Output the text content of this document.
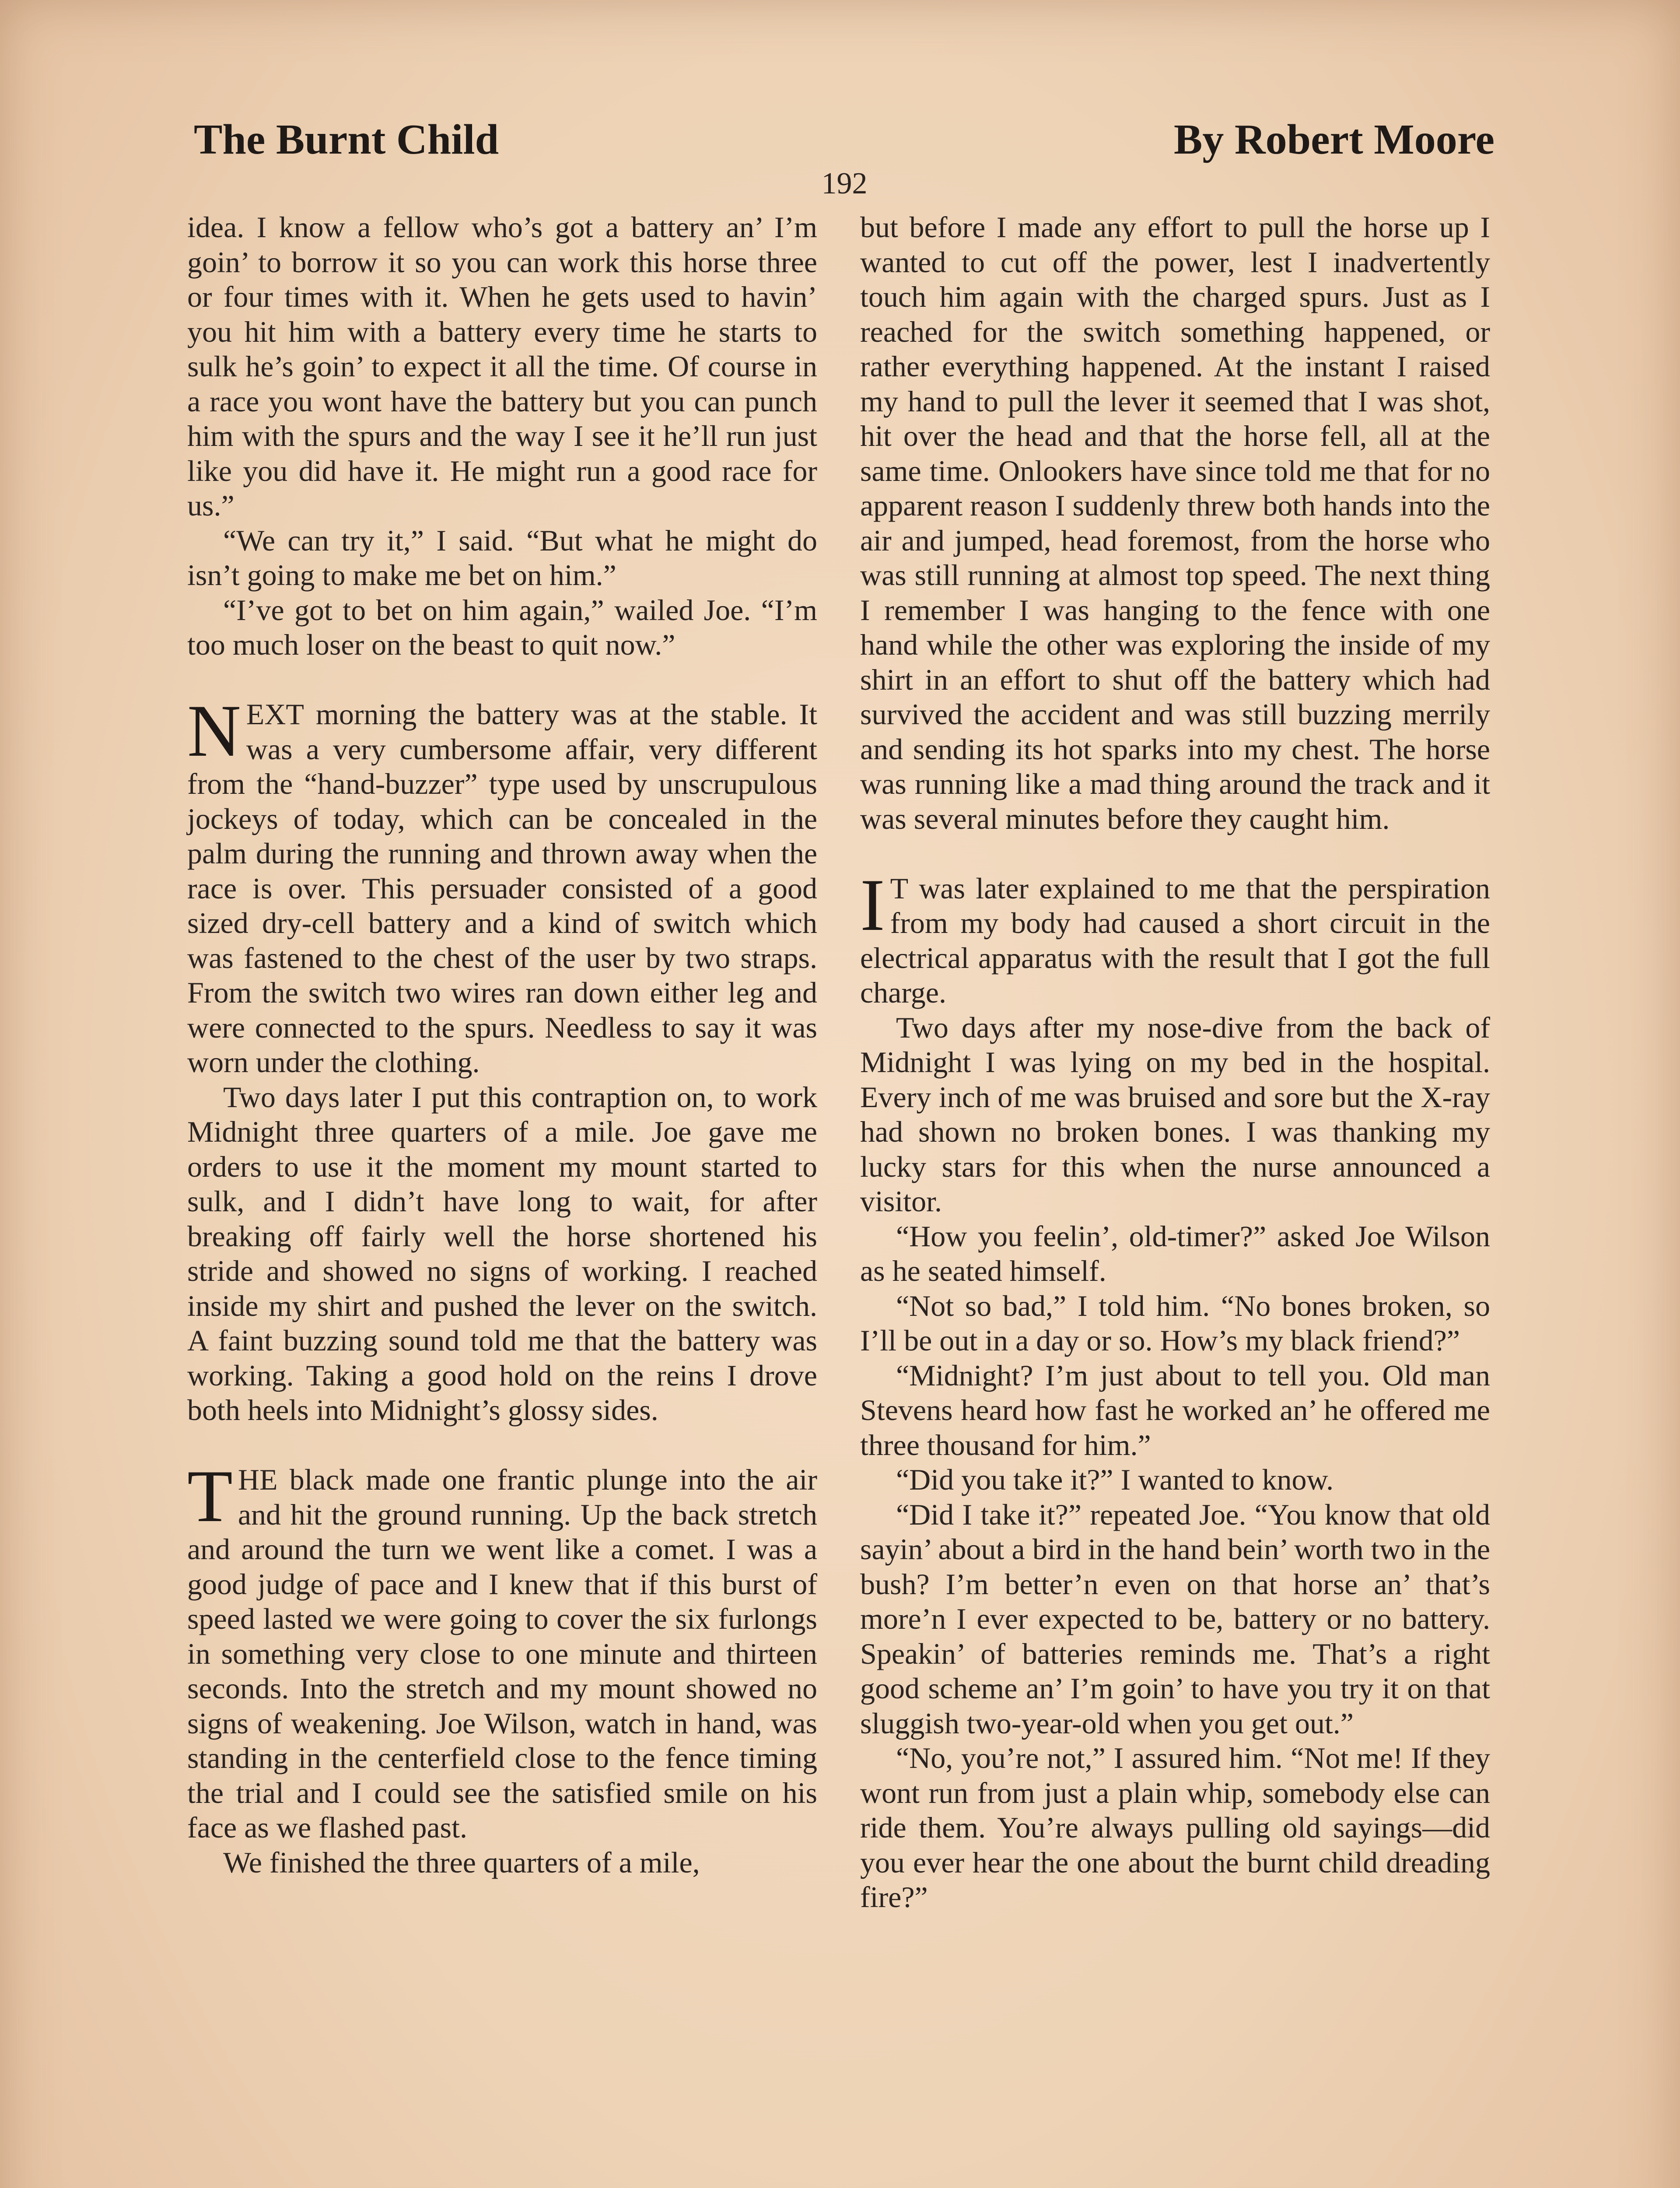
The Burnt Child	By Robert Moore
192

idea. I know a fellow who’s got a battery an’ I’m goin’ to borrow it so you can work this horse three or four times with it. When he gets used to havin’ you hit him with a battery every time he starts to sulk he’s goin’ to expect it all the time. Of course in a race you wont have the battery but you can punch him with the spurs and the way I see it he’ll run just like you did have it. He might run a good race for us.”

“We can try it,” I said. “But what he might do isn’t going to make me bet on him.”

“I’ve got to bet on him again,” wailed Joe. “I’m too much loser on the beast to quit now.”

NEXT morning the battery was at the stable. It was a very cumbersome affair, very different from the “hand-buzzer” type used by unscrupulous jockeys of today, which can be concealed in the palm during the running and thrown away when the race is over. This persuader consisted of a good sized dry-cell battery and a kind of switch which was fastened to the chest of the user by two straps. From the switch two wires ran down either leg and were connected to the spurs. Needless to say it was worn under the clothing.

Two days later I put this contraption on, to work Midnight three quarters of a mile. Joe gave me orders to use it the moment my mount started to sulk, and I didn’t have long to wait, for after breaking off fairly well the horse shortened his stride and showed no signs of working. I reached inside my shirt and pushed the lever on the switch. A faint buzzing sound told me that the battery was working. Taking a good hold on the reins I drove both heels into Midnight’s glossy sides.

THE black made one frantic plunge into the air and hit the ground running. Up the back stretch and around the turn we went like a comet. I was a good judge of pace and I knew that if this burst of speed lasted we were going to cover the six furlongs in something very close to one minute and thirteen seconds. Into the stretch and my mount showed no signs of weakening. Joe Wilson, watch in hand, was standing in the centerfield close to the fence timing the trial and I could see the satisfied smile on his face as we flashed past.

We finished the three quarters of a mile,

but before I made any effort to pull the horse up I wanted to cut off the power, lest I inadvertently touch him again with the charged spurs. Just as I reached for the switch something happened, or rather everything happened. At the instant I raised my hand to pull the lever it seemed that I was shot, hit over the head and that the horse fell, all at the same time. Onlookers have since told me that for no apparent reason I suddenly threw both hands into the air and jumped, head foremost, from the horse who was still running at almost top speed. The next thing I remember I was hanging to the fence with one hand while the other was exploring the inside of my shirt in an effort to shut off the battery which had survived the accident and was still buzzing merrily and sending its hot sparks into my chest. The horse was running like a mad thing around the track and it was several minutes before they caught him.

I T was later explained to me that the perspiration from my body had caused a short circuit in the electrical apparatus with the result that I got the full charge.

Two days after my nose-dive from the back of Midnight I was lying on my bed in the hospital. Every inch of me was bruised and sore but the X-ray had shown no broken bones. I was thanking my lucky stars for this when the nurse announced a visitor.

“How you feelin’, old-timer?” asked Joe Wilson as he seated himself.

“Not so bad,” I told him. “No bones broken, so I’ll be out in a day or so. How’s my black friend?”

“Midnight? I’m just about to tell you. Old man Stevens heard how fast he worked an’ he offered me three thousand for him.”

“Did you take it?” I wanted to know.

“Did I take it?” repeated Joe. “You know that old sayin’ about a bird in the hand bein’ worth two in the bush? I’m better’n even on that horse an’ that’s more’n I ever expected to be, battery or no battery. Speakin’ of batteries reminds me. That’s a right good scheme an’ I’m goin’ to have you try it on that sluggish two-year-old when you get out.”

“No, you’re not,” I assured him. “Not me! If they wont run from just a plain whip, somebody else can ride them. You’re always pulling old sayings—did you ever hear the one about the burnt child dreading fire?”
